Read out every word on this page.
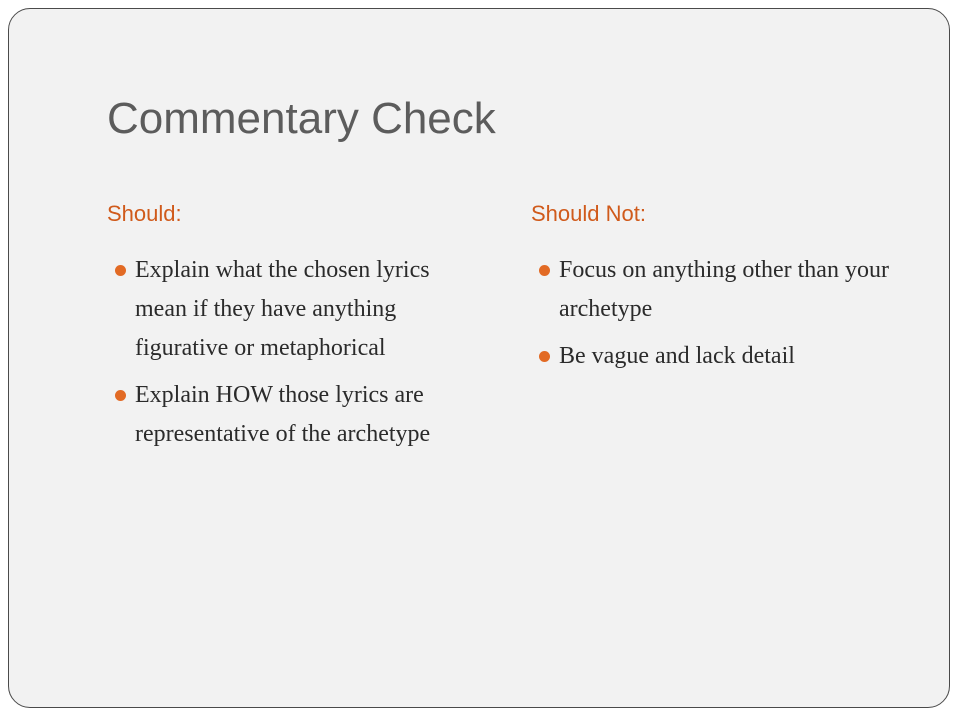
Commentary Check
Should:
Explain what the chosen lyrics mean if they have anything figurative or metaphorical
Explain HOW those lyrics are representative of the archetype
Should Not:
Focus on anything other than your archetype
Be vague and lack detail
